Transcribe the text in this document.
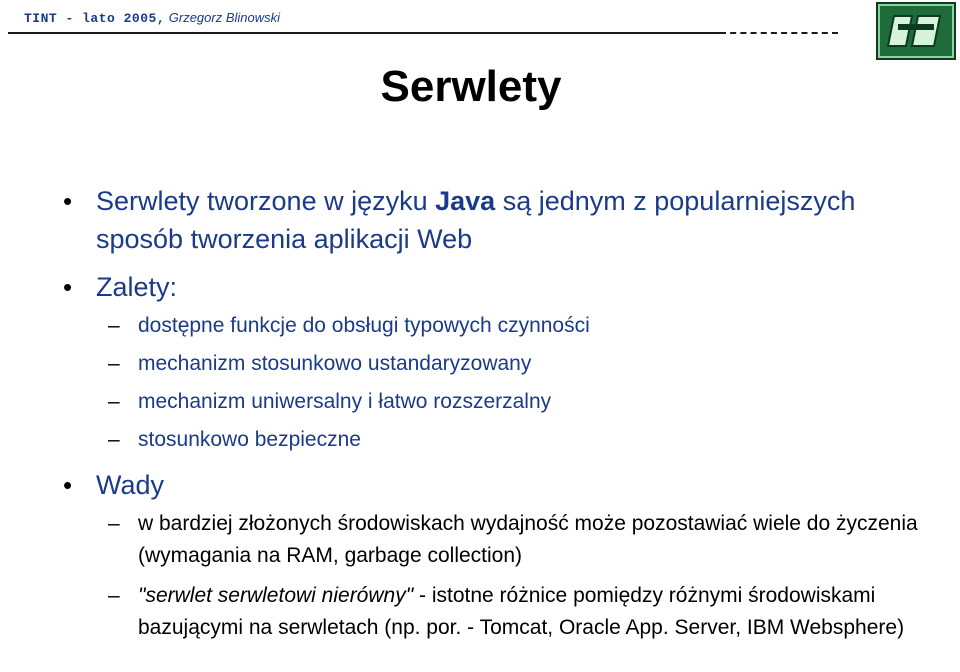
TINT - lato 2005, Grzegorz Blinowski
Serwlety
• Serwlety tworzone w języku Java są jednym z popularniejszych sposób tworzenia aplikacji Web
• Zalety:
– dostępne funkcje do obsługi typowych czynności
– mechanizm stosunkowo ustandaryzowany
– mechanizm uniwersalny i łatwo rozszerzalny
– stosunkowo bezpieczne
• Wady
– w bardziej złożonych środowiskach wydajność może pozostawiać wiele do życzenia (wymagania na RAM, garbage collection)
– "serwlet serwletowi nierówny" - istotne różnice pomiędzy różnymi środowiskami bazującymi na serwletach (np. por. - Tomcat, Oracle App. Server, IBM Websphere)
